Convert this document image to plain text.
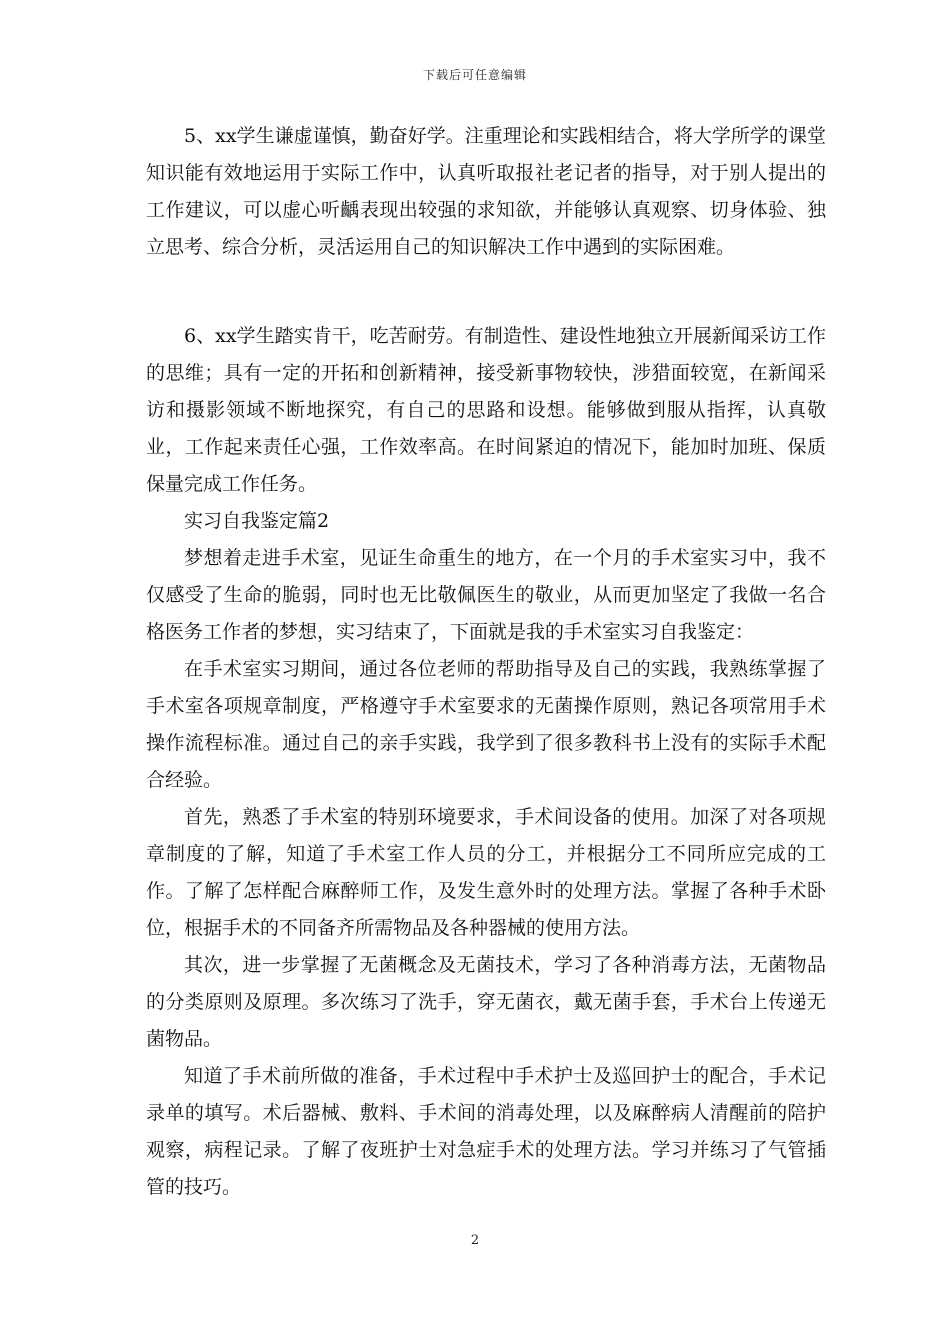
下载后可任意编辑

5、xx学生谦虚谨慎，勤奋好学。注重理论和实践相结合，将大学所学的课堂知识能有效地运用于实际工作中，认真听取报社老记者的指导，对于别人提出的工作建议，可以虚心听齲表现出较强的求知欲，并能够认真观察、切身体验、独立思考、综合分析，灵活运用自己的知识解决工作中遇到的实际困难。

6、xx学生踏实肯干，吃苦耐劳。有制造性、建设性地独立开展新闻采访工作的思维；具有一定的开拓和创新精神，接受新事物较快，涉猎面较宽，在新闻采访和摄影领域不断地探究，有自己的思路和设想。能够做到服从指挥，认真敬业，工作起来责任心强，工作效率高。在时间紧迫的情况下，能加时加班、保质保量完成工作任务。

实习自我鉴定篇2

梦想着走进手术室，见证生命重生的地方，在一个月的手术室实习中，我不仅感受了生命的脆弱，同时也无比敬佩医生的敬业，从而更加坚定了我做一名合格医务工作者的梦想，实习结束了，下面就是我的手术室实习自我鉴定：

在手术室实习期间，通过各位老师的帮助指导及自己的实践，我熟练掌握了手术室各项规章制度，严格遵守手术室要求的无菌操作原则，熟记各项常用手术操作流程标准。通过自己的亲手实践，我学到了很多教科书上没有的实际手术配合经验。

首先，熟悉了手术室的特别环境要求，手术间设备的使用。加深了对各项规章制度的了解，知道了手术室工作人员的分工，并根据分工不同所应完成的工作。了解了怎样配合麻醉师工作，及发生意外时的处理方法。掌握了各种手术卧位，根据手术的不同备齐所需物品及各种器械的使用方法。

其次，进一步掌握了无菌概念及无菌技术，学习了各种消毒方法，无菌物品的分类原则及原理。多次练习了洗手，穿无菌衣，戴无菌手套，手术台上传递无菌物品。

知道了手术前所做的准备，手术过程中手术护士及巡回护士的配合，手术记录单的填写。术后器械、敷料、手术间的消毒处理，以及麻醉病人清醒前的陪护观察，病程记录。了解了夜班护士对急症手术的处理方法。学习并练习了气管插管的技巧。

2
